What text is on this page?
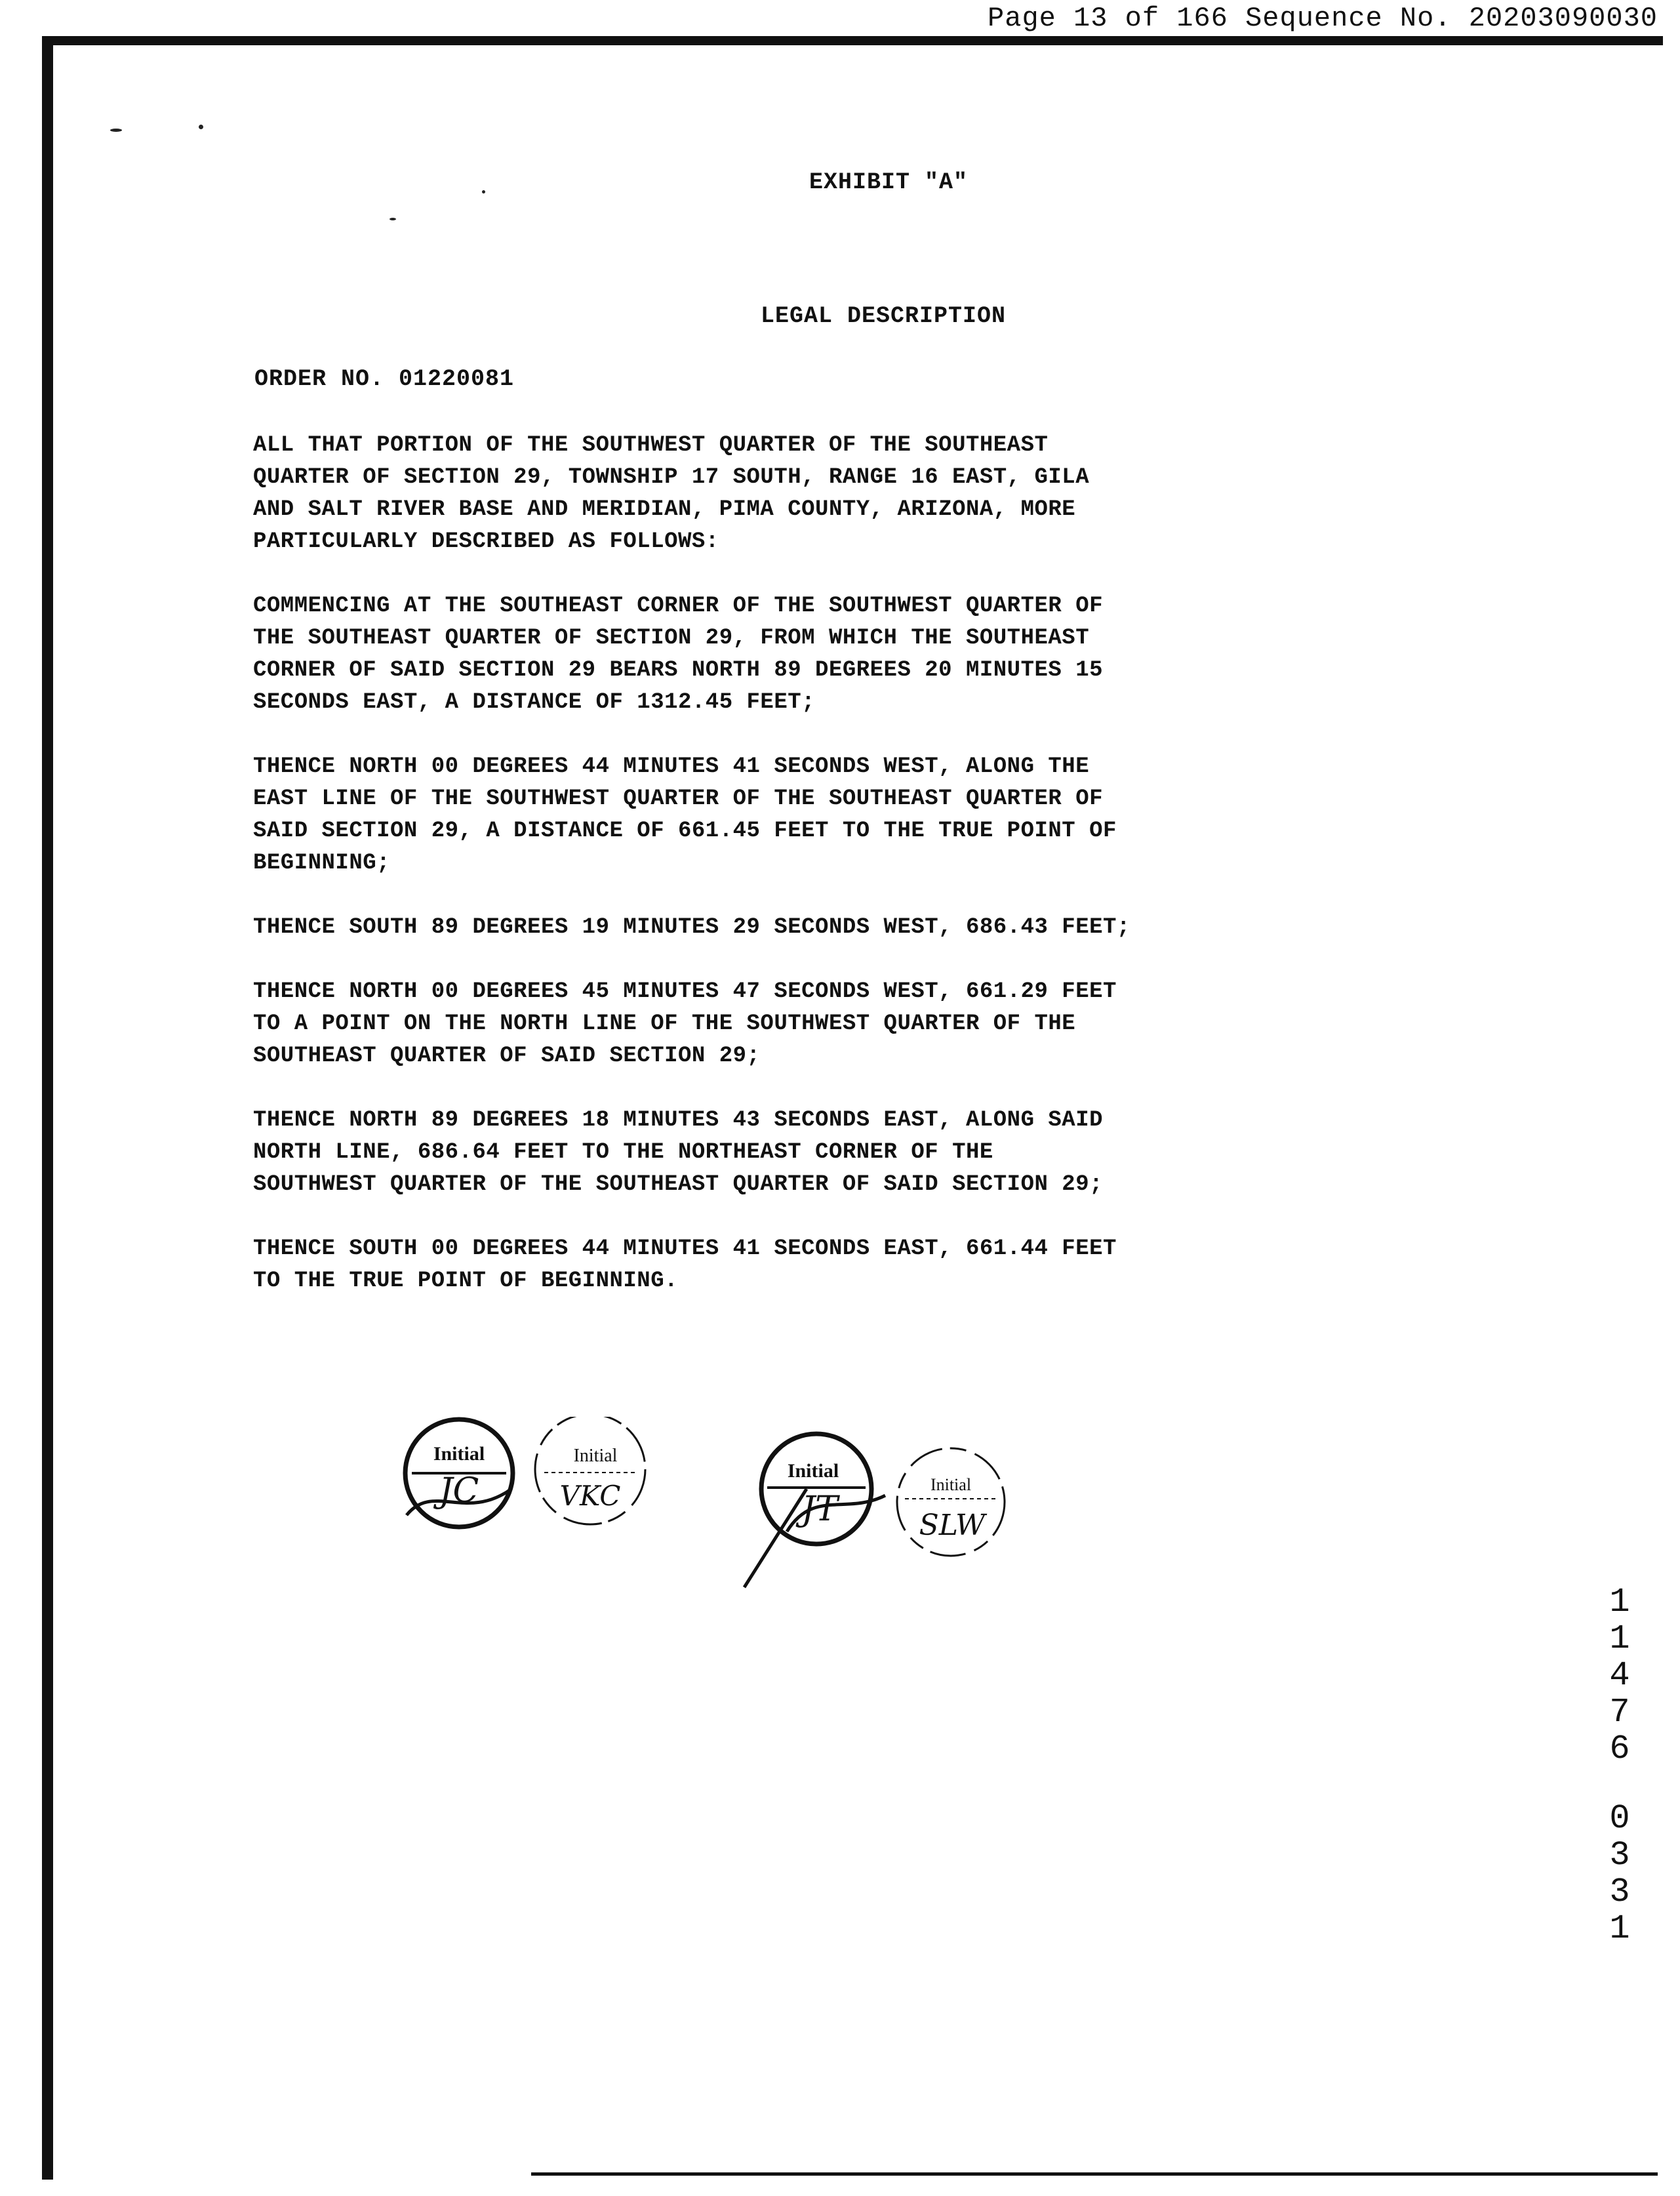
Page 13 of 166 Sequence No. 20203090030
EXHIBIT "A"
LEGAL DESCRIPTION
ORDER NO. 01220081

ALL THAT PORTION OF THE SOUTHWEST QUARTER OF THE SOUTHEAST
QUARTER OF SECTION 29, TOWNSHIP 17 SOUTH, RANGE 16 EAST, GILA
AND SALT RIVER BASE AND MERIDIAN, PIMA COUNTY, ARIZONA, MORE
PARTICULARLY DESCRIBED AS FOLLOWS:

COMMENCING AT THE SOUTHEAST CORNER OF THE SOUTHWEST QUARTER OF
THE SOUTHEAST QUARTER OF SECTION 29, FROM WHICH THE SOUTHEAST
CORNER OF SAID SECTION 29 BEARS NORTH 89 DEGREES 20 MINUTES 15
SECONDS EAST, A DISTANCE OF 1312.45 FEET;

THENCE NORTH 00 DEGREES 44 MINUTES 41 SECONDS WEST, ALONG THE
EAST LINE OF THE SOUTHWEST QUARTER OF THE SOUTHEAST QUARTER OF
SAID SECTION 29, A DISTANCE OF 661.45 FEET TO THE TRUE POINT OF
BEGINNING;

THENCE SOUTH 89 DEGREES 19 MINUTES 29 SECONDS WEST, 686.43 FEET;

THENCE NORTH 00 DEGREES 45 MINUTES 47 SECONDS WEST, 661.29 FEET
TO A POINT ON THE NORTH LINE OF THE SOUTHWEST QUARTER OF THE
SOUTHEAST QUARTER OF SAID SECTION 29;

THENCE NORTH 89 DEGREES 18 MINUTES 43 SECONDS EAST, ALONG SAID
NORTH LINE, 686.64 FEET TO THE NORTHEAST CORNER OF THE
SOUTHWEST QUARTER OF THE SOUTHEAST QUARTER OF SAID SECTION 29;

THENCE SOUTH 00 DEGREES 44 MINUTES 41 SECONDS EAST, 661.44 FEET
TO THE TRUE POINT OF BEGINNING.

Initial
JC
Initial
VKC
Initial
JT
Initial
SLW
1
1
4
7
6
0
3
3
1
